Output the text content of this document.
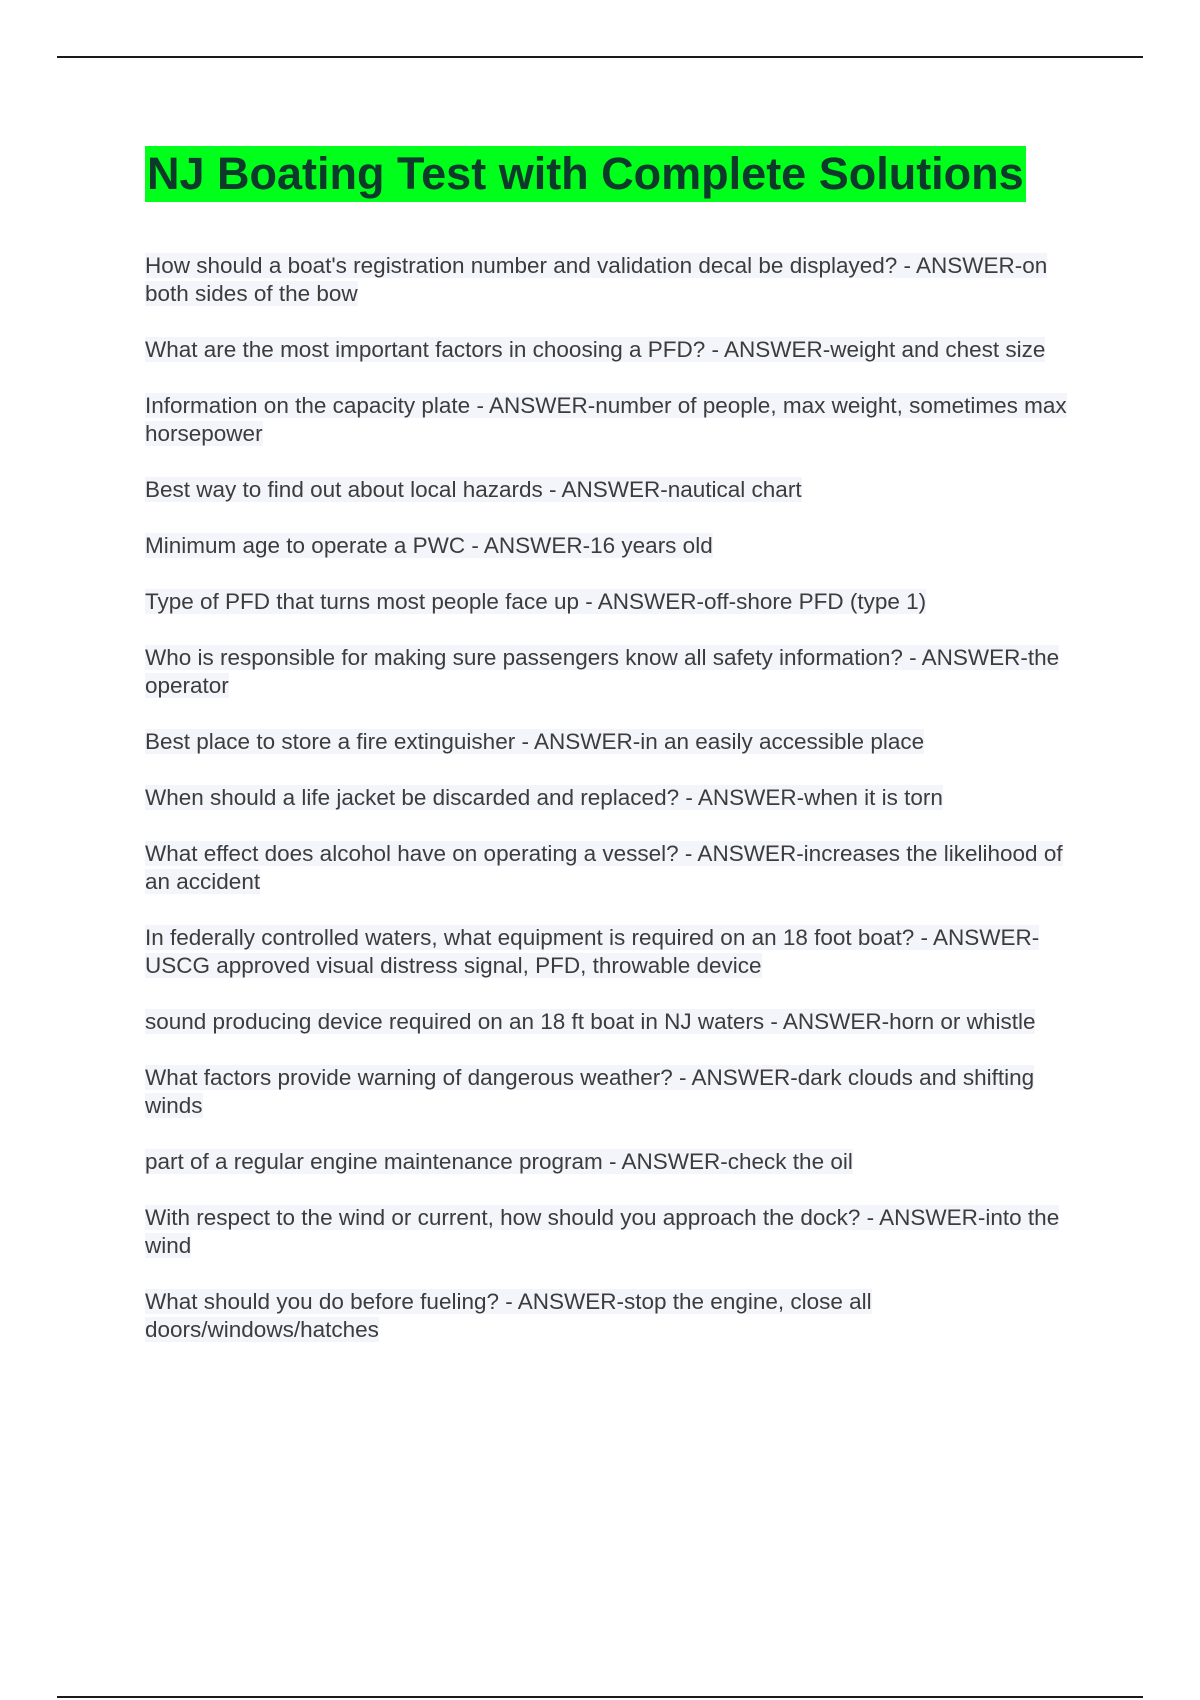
NJ Boating Test with Complete Solutions

How should a boat's registration number and validation decal be displayed? - ANSWER-on both sides of the bow

What are the most important factors in choosing a PFD? - ANSWER-weight and chest size

Information on the capacity plate - ANSWER-number of people, max weight, sometimes max horsepower

Best way to find out about local hazards - ANSWER-nautical chart

Minimum age to operate a PWC - ANSWER-16 years old

Type of PFD that turns most people face up - ANSWER-off-shore PFD (type 1)

Who is responsible for making sure passengers know all safety information? - ANSWER-the operator

Best place to store a fire extinguisher - ANSWER-in an easily accessible place

When should a life jacket be discarded and replaced? - ANSWER-when it is torn

What effect does alcohol have on operating a vessel? - ANSWER-increases the likelihood of an accident

In federally controlled waters, what equipment is required on an 18 foot boat? - ANSWER-USCG approved visual distress signal, PFD, throwable device

sound producing device required on an 18 ft boat in NJ waters - ANSWER-horn or whistle

What factors provide warning of dangerous weather? - ANSWER-dark clouds and shifting winds

part of a regular engine maintenance program - ANSWER-check the oil

With respect to the wind or current, how should you approach the dock? - ANSWER-into the wind

What should you do before fueling? - ANSWER-stop the engine, close all doors/windows/hatches
